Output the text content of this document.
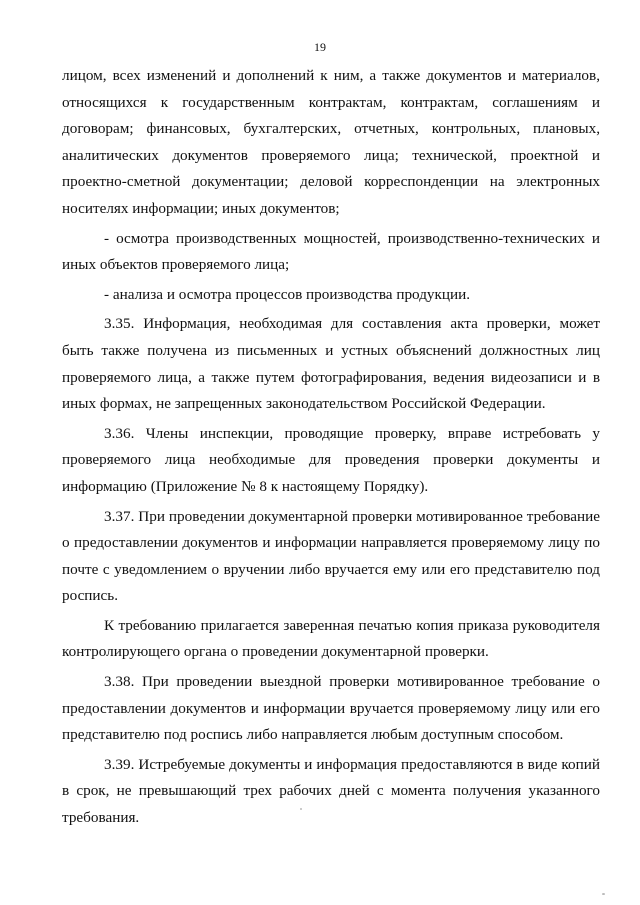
19

лицом, всех изменений и дополнений к ним, а также документов и материалов, относящихся к государственным контрактам, контрактам, соглашениям и договорам; финансовых, бухгалтерских, отчетных, контрольных, плановых, аналитических документов проверяемого лица; технической, проектной и проектно-сметной документации; деловой корреспонденции на электронных носителях информации; иных документов;

- осмотра производственных мощностей, производственно-технических и иных объектов проверяемого лица;

- анализа и осмотра процессов производства продукции.

3.35. Информация, необходимая для составления акта проверки, может быть также получена из письменных и устных объяснений должностных лиц проверяемого лица, а также путем фотографирования, ведения видеозаписи и в иных формах, не запрещенных законодательством Российской Федерации.

3.36. Члены инспекции, проводящие проверку, вправе истребовать у проверяемого лица необходимые для проведения проверки документы и информацию (Приложение № 8 к настоящему Порядку).

3.37. При проведении документарной проверки мотивированное требование о предоставлении документов и информации направляется проверяемому лицу по почте с уведомлением о вручении либо вручается ему или его представителю под роспись.

К требованию прилагается заверенная печатью копия приказа руководителя контролирующего органа о проведении документарной проверки.

3.38. При проведении выездной проверки мотивированное требование о предоставлении документов и информации вручается проверяемому лицу или его представителю под роспись либо направляется любым доступным способом.

3.39. Истребуемые документы и информация предоставляются в виде копий в срок, не превышающий трех рабочих дней с момента получения указанного требования.
